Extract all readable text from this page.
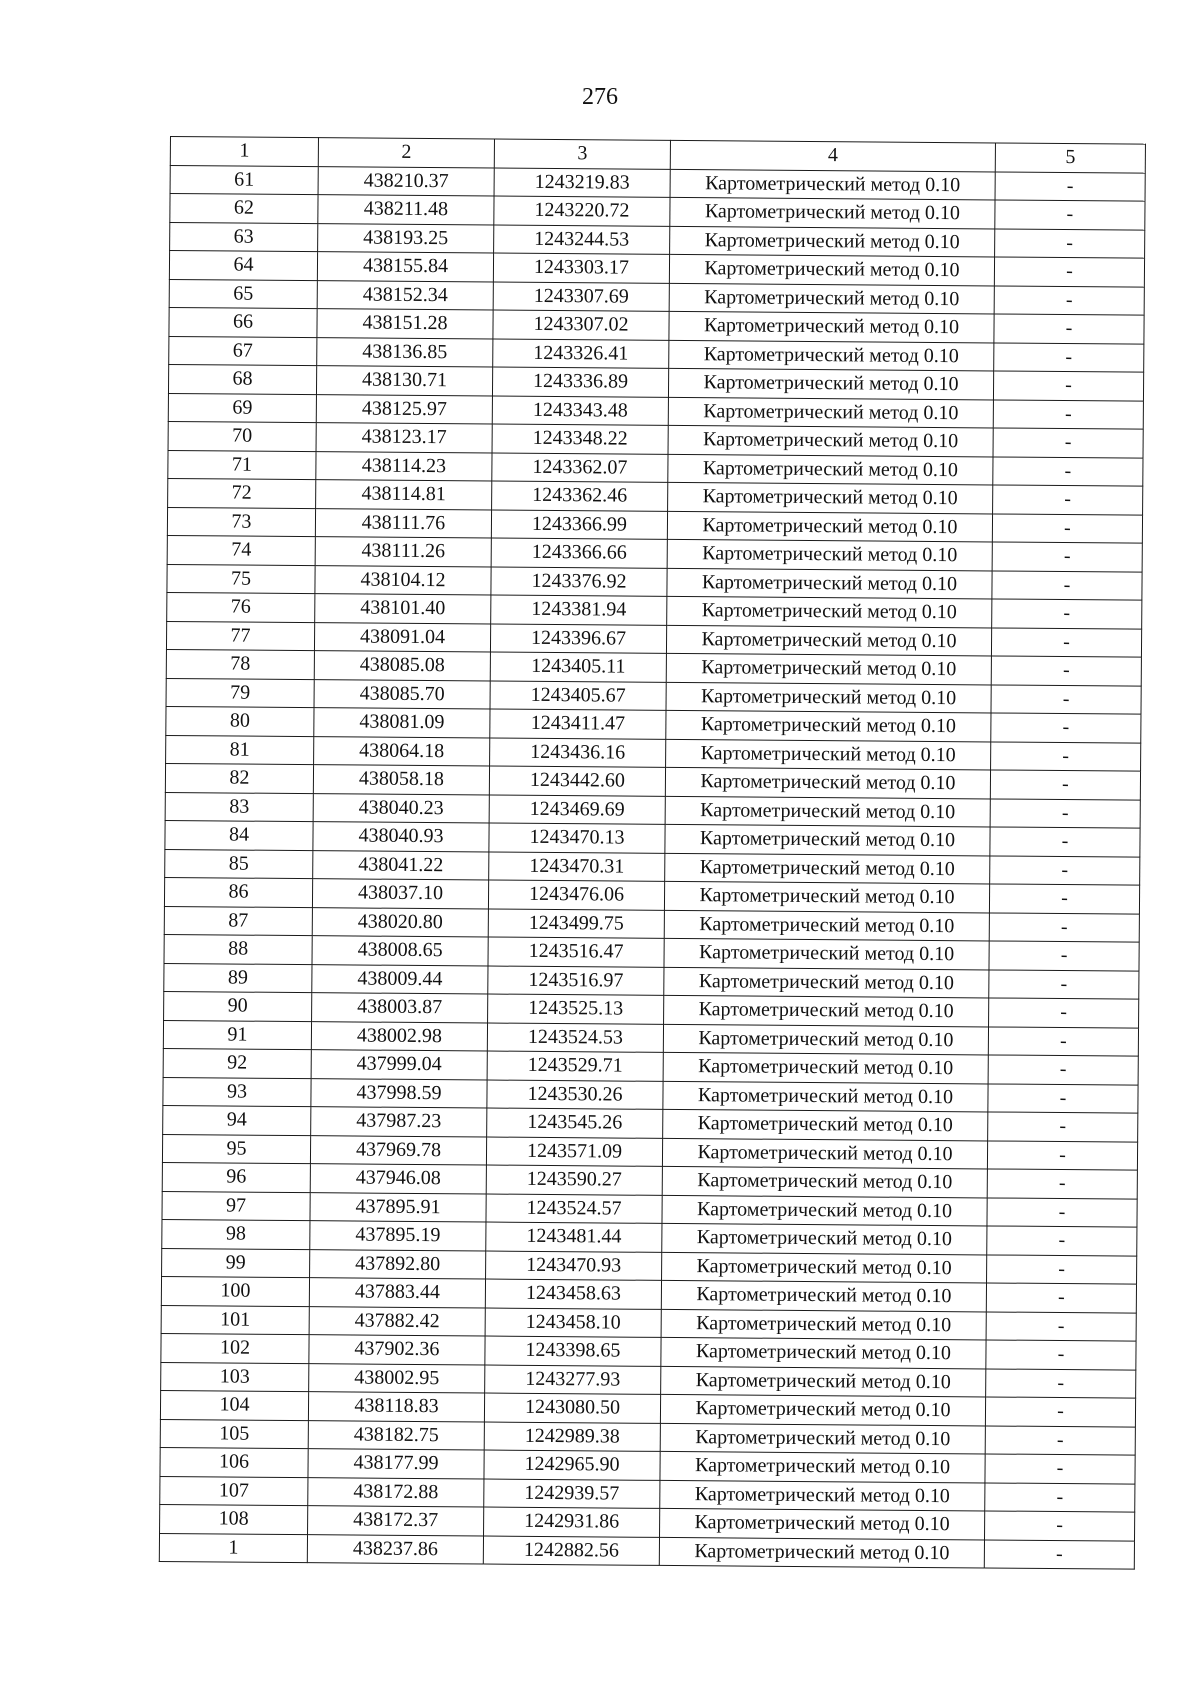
276
1	2	3	4	5
61	438210.37	1243219.83	Картометрический метод 0.10	-
62	438211.48	1243220.72	Картометрический метод 0.10	-
63	438193.25	1243244.53	Картометрический метод 0.10	-
64	438155.84	1243303.17	Картометрический метод 0.10	-
65	438152.34	1243307.69	Картометрический метод 0.10	-
66	438151.28	1243307.02	Картометрический метод 0.10	-
67	438136.85	1243326.41	Картометрический метод 0.10	-
68	438130.71	1243336.89	Картометрический метод 0.10	-
69	438125.97	1243343.48	Картометрический метод 0.10	-
70	438123.17	1243348.22	Картометрический метод 0.10	-
71	438114.23	1243362.07	Картометрический метод 0.10	-
72	438114.81	1243362.46	Картометрический метод 0.10	-
73	438111.76	1243366.99	Картометрический метод 0.10	-
74	438111.26	1243366.66	Картометрический метод 0.10	-
75	438104.12	1243376.92	Картометрический метод 0.10	-
76	438101.40	1243381.94	Картометрический метод 0.10	-
77	438091.04	1243396.67	Картометрический метод 0.10	-
78	438085.08	1243405.11	Картометрический метод 0.10	-
79	438085.70	1243405.67	Картометрический метод 0.10	-
80	438081.09	1243411.47	Картометрический метод 0.10	-
81	438064.18	1243436.16	Картометрический метод 0.10	-
82	438058.18	1243442.60	Картометрический метод 0.10	-
83	438040.23	1243469.69	Картометрический метод 0.10	-
84	438040.93	1243470.13	Картометрический метод 0.10	-
85	438041.22	1243470.31	Картометрический метод 0.10	-
86	438037.10	1243476.06	Картометрический метод 0.10	-
87	438020.80	1243499.75	Картометрический метод 0.10	-
88	438008.65	1243516.47	Картометрический метод 0.10	-
89	438009.44	1243516.97	Картометрический метод 0.10	-
90	438003.87	1243525.13	Картометрический метод 0.10	-
91	438002.98	1243524.53	Картометрический метод 0.10	-
92	437999.04	1243529.71	Картометрический метод 0.10	-
93	437998.59	1243530.26	Картометрический метод 0.10	-
94	437987.23	1243545.26	Картометрический метод 0.10	-
95	437969.78	1243571.09	Картометрический метод 0.10	-
96	437946.08	1243590.27	Картометрический метод 0.10	-
97	437895.91	1243524.57	Картометрический метод 0.10	-
98	437895.19	1243481.44	Картометрический метод 0.10	-
99	437892.80	1243470.93	Картометрический метод 0.10	-
100	437883.44	1243458.63	Картометрический метод 0.10	-
101	437882.42	1243458.10	Картометрический метод 0.10	-
102	437902.36	1243398.65	Картометрический метод 0.10	-
103	438002.95	1243277.93	Картометрический метод 0.10	-
104	438118.83	1243080.50	Картометрический метод 0.10	-
105	438182.75	1242989.38	Картометрический метод 0.10	-
106	438177.99	1242965.90	Картометрический метод 0.10	-
107	438172.88	1242939.57	Картометрический метод 0.10	-
108	438172.37	1242931.86	Картометрический метод 0.10	-
1	438237.86	1242882.56	Картометрический метод 0.10	-
